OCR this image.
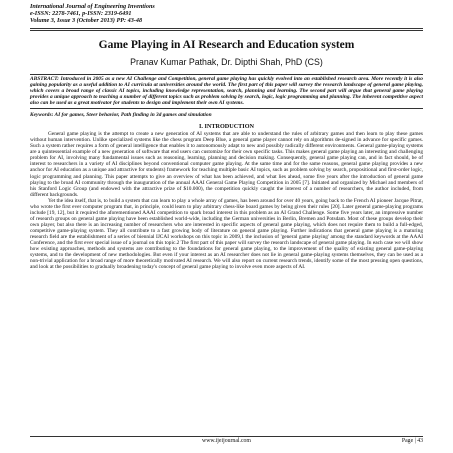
International Journal of Engineering Inventions
e-ISSN: 2278-7461, p-ISSN: 2319-6491
Volume 3, Issue 3 (October 2013) PP: 43-48
Game Playing in AI Research and Education system
Pranav Kumar Pathak, Dr. Dipthi Shah, PhD (CS)
ABSTRACT: Introduced in 2005 as a new AI Challenge and Competition, general game playing has quickly evolved into an established research area. More recently it is also gaining popularity as a useful addition to AI curricula at universities around the world. The first part of this paper will survey the research landscape of general game playing, which covers a broad range of classic AI topics, including knowledge representation, search, planning and learning. The second part will argue that general game playing provides a unique approach to teaching a number of different topics such as problem solving by search, logic, logic programming and planning. The inherent competitive aspect also can be used as a great motivator for students to design and implement their own AI systems.
Keywords: AI for games, Steer behavior, Path finding in 3d games and simulation
I. INTRODUCTION

General game playing is the attempt to create a new generation of AI systems that are able to understand the rules of arbitrary games and then learn to play these games without human intervention. Unlike specialized systems like the chess program Deep Blue, a general game player cannot rely on algorithms de-signed in advance for specific games. Such a system rather requires a form of general intelligence that enables it to autonomously adapt to new and possibly radically different environments. General game-playing systems are a quintessential example of a new generation of software that end users can customize for their own specific tasks. This makes general game playing an interesting and challenging problem for AI, involving many fundamental issues such as reasoning, learning, planning and decision making. Consequently, general game playing can, and in fact should, be of interest to researchers in a variety of AI disciplines beyond conventional computer game playing. At the same time and for the same reasons, general game playing provides a new anchor for AI education as a unique and attractive for students) framework for teaching multiple basic AI topics, such as problem solving by search, propositional and first-order logic, logic programming and planning. This paper attempts to give an overview of what has been achieved, and what lies ahead, some five years after the introduction of general game playing to the broad AI community through the inauguration of the annual AAAI General Game Playing Competition in 2005 [7]. Initiated and organized by Michael and members of his Stanford Logic Group (and endowed with the attractive prize of $10.000), the competition quickly caught the interest of a number of researchers, the author included, from different backgrounds.

Yet the idea itself, that is, to build a system that can learn to play a whole array of games, has been around for over 40 years, going back to the French AI pioneer Jacque Pitrat, who wrote the first ever computer program that, in principle, could learn to play arbitrary chess-like board games by being given their rules [20]. Later general game-playing programs include [19, 12], but it required the aforementioned AAAI competition to spark broad interest in this problem as an AI Grand Challenge. Some five years later, an impressive number of research groups on general game playing have been established world-wide, including the German universities in Berlin, Bremen and Potsdam. Most of these groups develop their own player, but also there is an increasing number of researchers who are interested in specific aspects of general game playing, which does not require them to build a full-edged, competitive game-playing system. They all contribute to a fast growing body of literature on general game playing. Further indications that general game playing is a maturing research field are the establishment of a series of biennial IJCAI workshops on this topic in 2009,1 the inclusion of 'general game playing' among the standard keywords at the AAAI Conference, and the first ever special issue of a journal on this topic.2 The first part of this paper will survey the research landscape of general game playing. In each case we will show how existing approaches, methods and systems are contributing to the foundations for general game playing, to the improvement of the quality of existing general game-playing systems, and to the development of new methodologies. But even if your interest as an AI researcher does not lie in general game-playing systems themselves, they can be used as a non-trivial application for a broad range of more theoretically motivated AI research. We will also report on current research trends, identify some of the most pressing open questions, and look at the possibilities to gradually broadening today's concept of general game playing to involve even more aspects of AI.

www.ijeijournal.com	Page | 43
